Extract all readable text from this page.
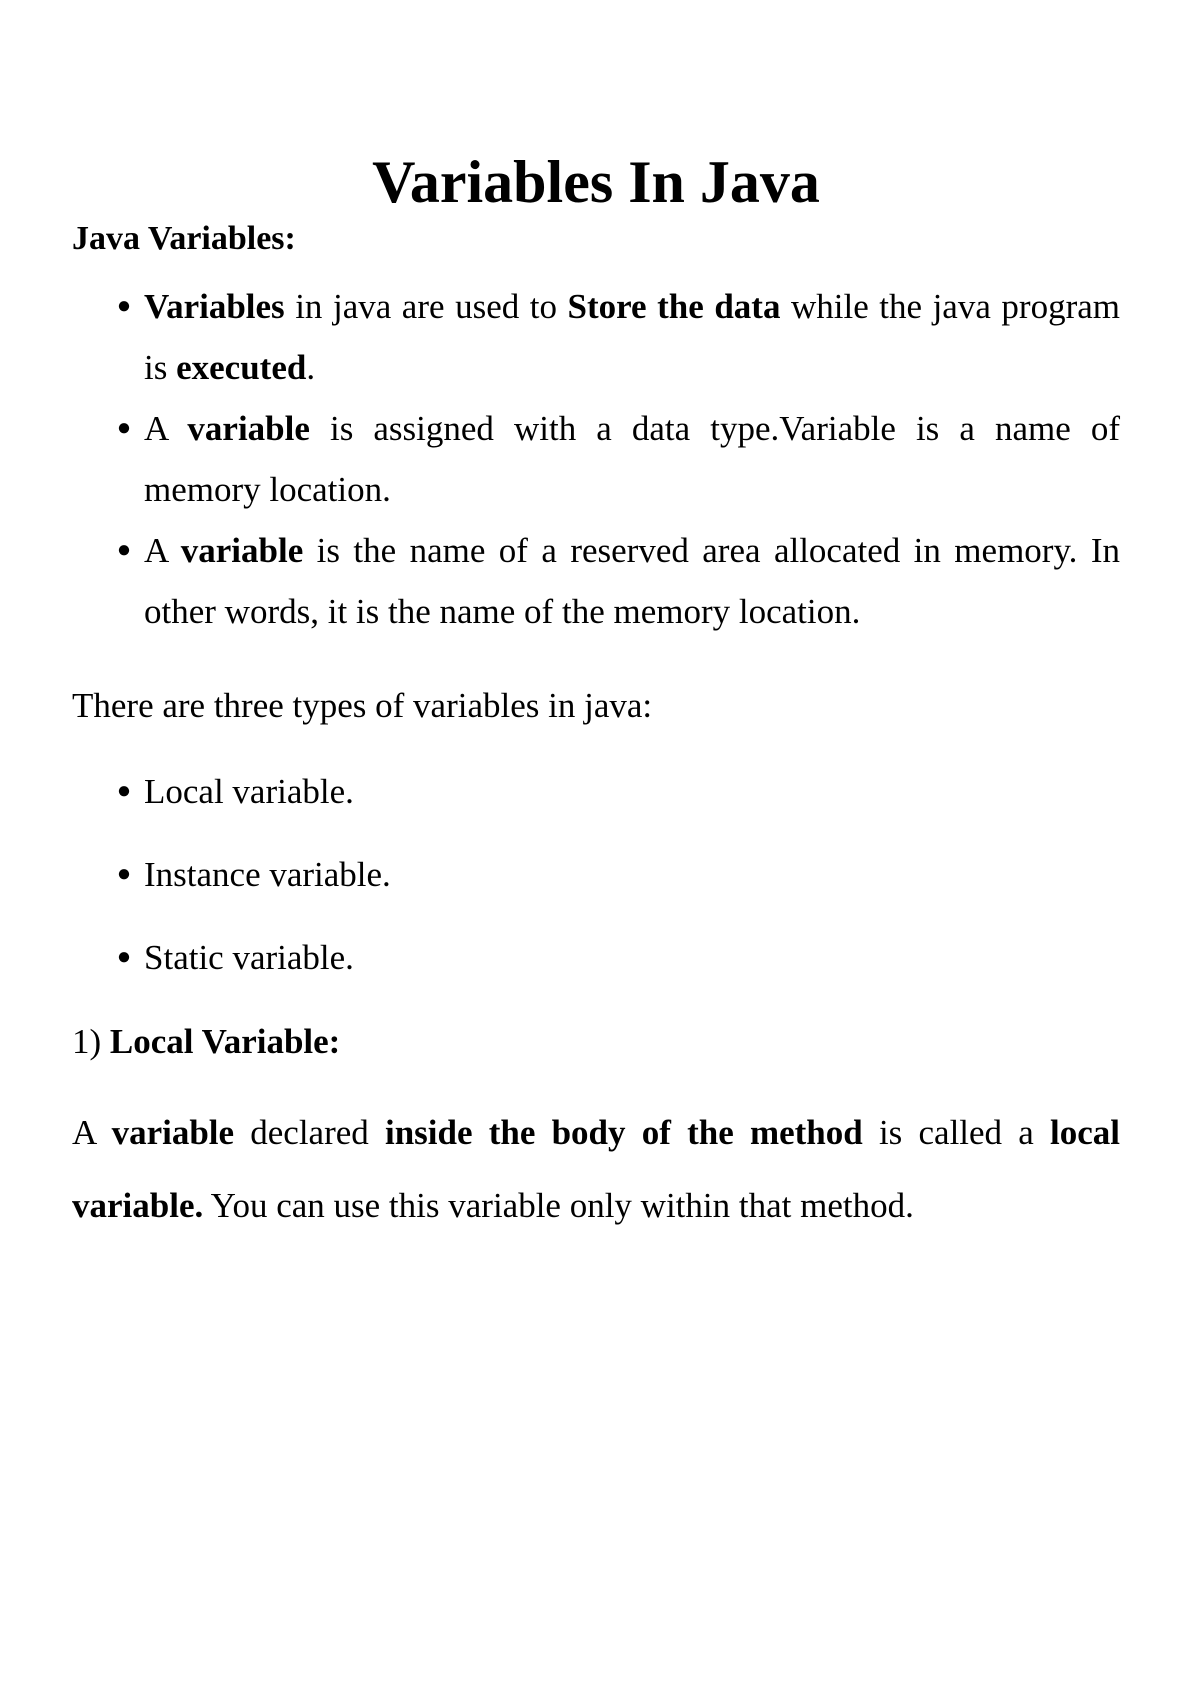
Variables In Java

Java Variables:

● Variables in java are used to Store the data while the java program is executed.
● A variable is assigned with a data type.Variable is a name of memory location.
● A variable is the name of a reserved area allocated in memory. In other words, it is the name of the memory location.

There are three types of variables in java:

● Local variable.
● Instance variable.
● Static variable.

1) Local Variable:

A variable declared inside the body of the method is called a local variable. You can use this variable only within that method.
